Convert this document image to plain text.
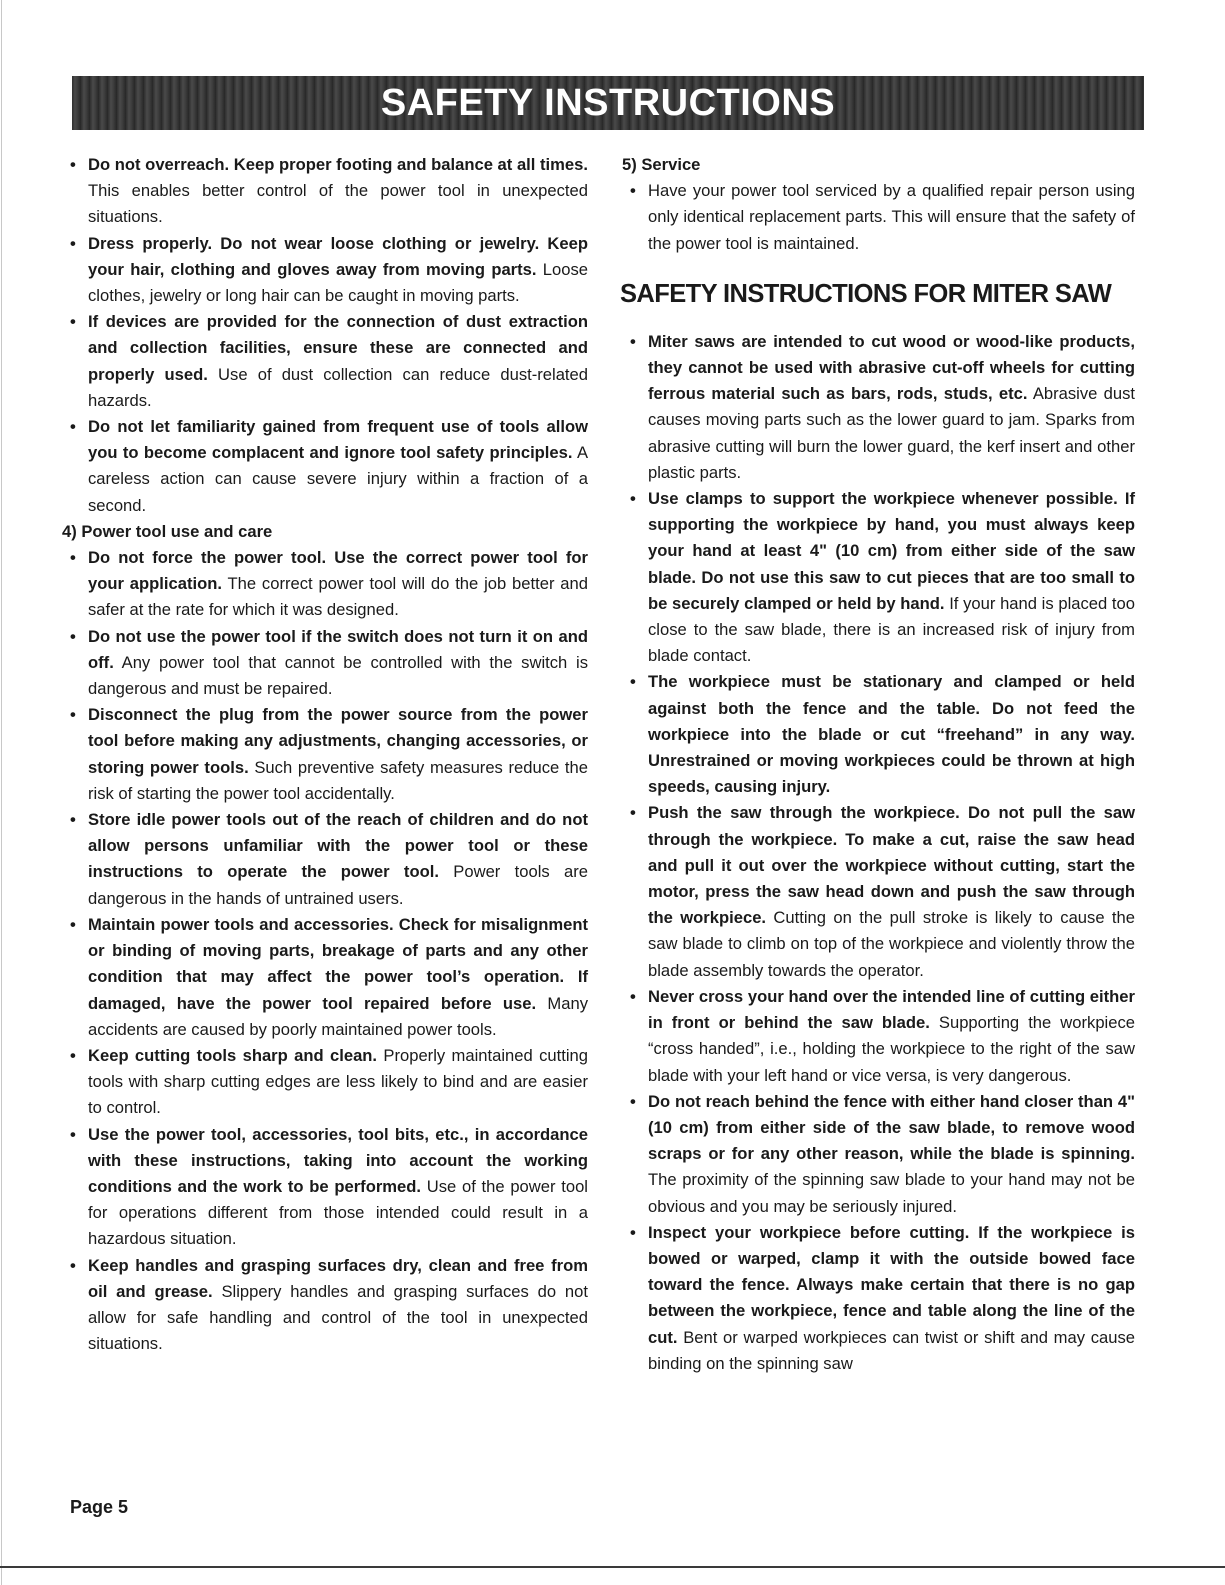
SAFETY INSTRUCTIONS

• Do not overreach. Keep proper footing and balance at all times. This enables better control of the power tool in unexpected situations.

• Dress properly. Do not wear loose clothing or jewelry. Keep your hair, clothing and gloves away from moving parts. Loose clothes, jewelry or long hair can be caught in moving parts.

• If devices are provided for the connection of dust extraction and collection facilities, ensure these are connected and properly used. Use of dust collection can reduce dust-related hazards.

• Do not let familiarity gained from frequent use of tools allow you to become complacent and ignore tool safety principles. A careless action can cause severe injury within a fraction of a second.

4) Power tool use and care

• Do not force the power tool. Use the correct power tool for your application. The correct power tool will do the job better and safer at the rate for which it was designed.

• Do not use the power tool if the switch does not turn it on and off. Any power tool that cannot be controlled with the switch is dangerous and must be repaired.

• Disconnect the plug from the power source from the power tool before making any adjustments, changing accessories, or storing power tools. Such preventive safety measures reduce the risk of starting the power tool accidentally.

• Store idle power tools out of the reach of children and do not allow persons unfamiliar with the power tool or these instructions to operate the power tool. Power tools are dangerous in the hands of untrained users.

• Maintain power tools and accessories. Check for misalignment or binding of moving parts, breakage of parts and any other condition that may affect the power tool’s operation. If damaged, have the power tool repaired before use. Many accidents are caused by poorly maintained power tools.

• Keep cutting tools sharp and clean. Properly maintained cutting tools with sharp cutting edges are less likely to bind and are easier to control.

• Use the power tool, accessories, tool bits, etc., in accordance with these instructions, taking into account the working conditions and the work to be performed. Use of the power tool for operations different from those intended could result in a hazardous situation.

• Keep handles and grasping surfaces dry, clean and free from oil and grease. Slippery handles and grasping surfaces do not allow for safe handling and control of the tool in unexpected situations.

5) Service

• Have your power tool serviced by a qualified repair person using only identical replacement parts. This will ensure that the safety of the power tool is maintained.

SAFETY INSTRUCTIONS FOR MITER SAW

• Miter saws are intended to cut wood or wood-like products, they cannot be used with abrasive cut-off wheels for cutting ferrous material such as bars, rods, studs, etc. Abrasive dust causes moving parts such as the lower guard to jam. Sparks from abrasive cutting will burn the lower guard, the kerf insert and other plastic parts.

• Use clamps to support the workpiece whenever possible. If supporting the workpiece by hand, you must always keep your hand at least 4" (10 cm) from either side of the saw blade. Do not use this saw to cut pieces that are too small to be securely clamped or held by hand. If your hand is placed too close to the saw blade, there is an increased risk of injury from blade contact.

• The workpiece must be stationary and clamped or held against both the fence and the table. Do not feed the workpiece into the blade or cut “freehand” in any way. Unrestrained or moving workpieces could be thrown at high speeds, causing injury.

• Push the saw through the workpiece. Do not pull the saw through the workpiece. To make a cut, raise the saw head and pull it out over the workpiece without cutting, start the motor, press the saw head down and push the saw through the workpiece. Cutting on the pull stroke is likely to cause the saw blade to climb on top of the workpiece and violently throw the blade assembly towards the operator.

• Never cross your hand over the intended line of cutting either in front or behind the saw blade. Supporting the workpiece “cross handed”, i.e., holding the workpiece to the right of the saw blade with your left hand or vice versa, is very dangerous.

• Do not reach behind the fence with either hand closer than 4" (10 cm) from either side of the saw blade, to remove wood scraps or for any other reason, while the blade is spinning. The proximity of the spinning saw blade to your hand may not be obvious and you may be seriously injured.

• Inspect your workpiece before cutting. If the workpiece is bowed or warped, clamp it with the outside bowed face toward the fence. Always make certain that there is no gap between the workpiece, fence and table along the line of the cut. Bent or warped workpieces can twist or shift and may cause binding on the spinning saw

Page 5
